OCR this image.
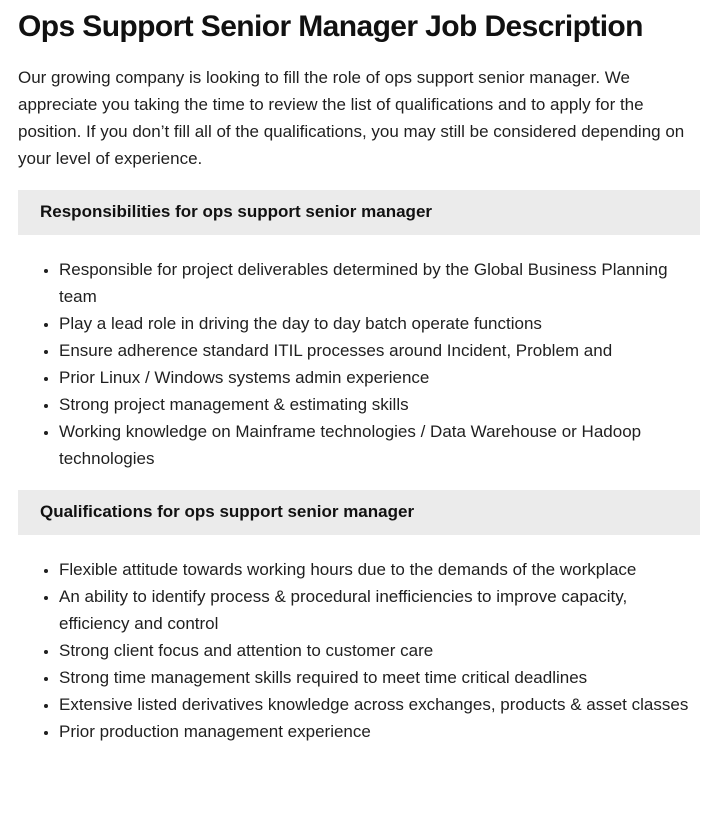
Ops Support Senior Manager Job Description

Our growing company is looking to fill the role of ops support senior manager. We appreciate you taking the time to review the list of qualifications and to apply for the position. If you don’t fill all of the qualifications, you may still be considered depending on your level of experience.

Responsibilities for ops support senior manager
• Responsible for project deliverables determined by the Global Business Planning team
• Play a lead role in driving the day to day batch operate functions
• Ensure adherence standard ITIL processes around Incident, Problem and
• Prior Linux / Windows systems admin experience
• Strong project management & estimating skills
• Working knowledge on Mainframe technologies / Data Warehouse or Hadoop technologies
Qualifications for ops support senior manager
• Flexible attitude towards working hours due to the demands of the workplace
• An ability to identify process & procedural inefficiencies to improve capacity, efficiency and control
• Strong client focus and attention to customer care
• Strong time management skills required to meet time critical deadlines
• Extensive listed derivatives knowledge across exchanges, products & asset classes
• Prior production management experience
